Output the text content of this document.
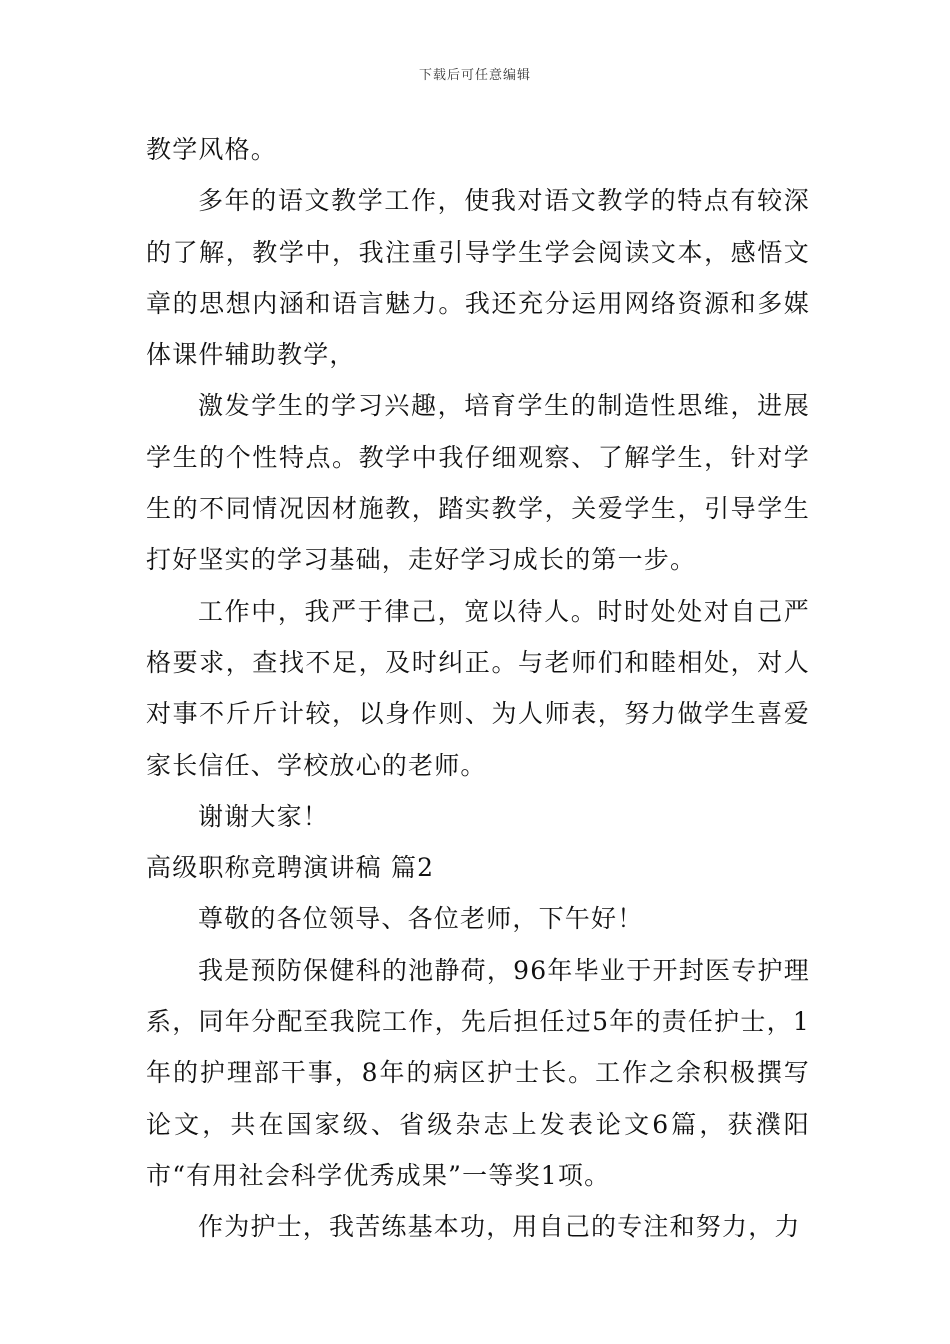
下载后可任意编辑

教学风格。

多年的语文教学工作，使我对语文教学的特点有较深的了解，教学中，我注重引导学生学会阅读文本，感悟文章的思想内涵和语言魅力。我还充分运用网络资源和多媒体课件辅助教学，

激发学生的学习兴趣，培育学生的制造性思维，进展学生的个性特点。教学中我仔细观察、了解学生，针对学生的不同情况因材施教，踏实教学，关爱学生，引导学生打好坚实的学习基础，走好学习成长的第一步。

工作中，我严于律己，宽以待人。时时处处对自己严格要求，查找不足，及时纠正。与老师们和睦相处，对人对事不斤斤计较，以身作则、为人师表，努力做学生喜爱家长信任、学校放心的老师。

谢谢大家！

高级职称竞聘演讲稿 篇2

尊敬的各位领导、各位老师，下午好！

我是预防保健科的池静荷，96年毕业于开封医专护理系，同年分配至我院工作，先后担任过5年的责任护士，1年的护理部干事，8年的病区护士长。工作之余积极撰写论文，共在国家级、省级杂志上发表论文6篇，获濮阳市“有用社会科学优秀成果”一等奖1项。

作为护士，我苦练基本功，用自己的专注和努力，力
